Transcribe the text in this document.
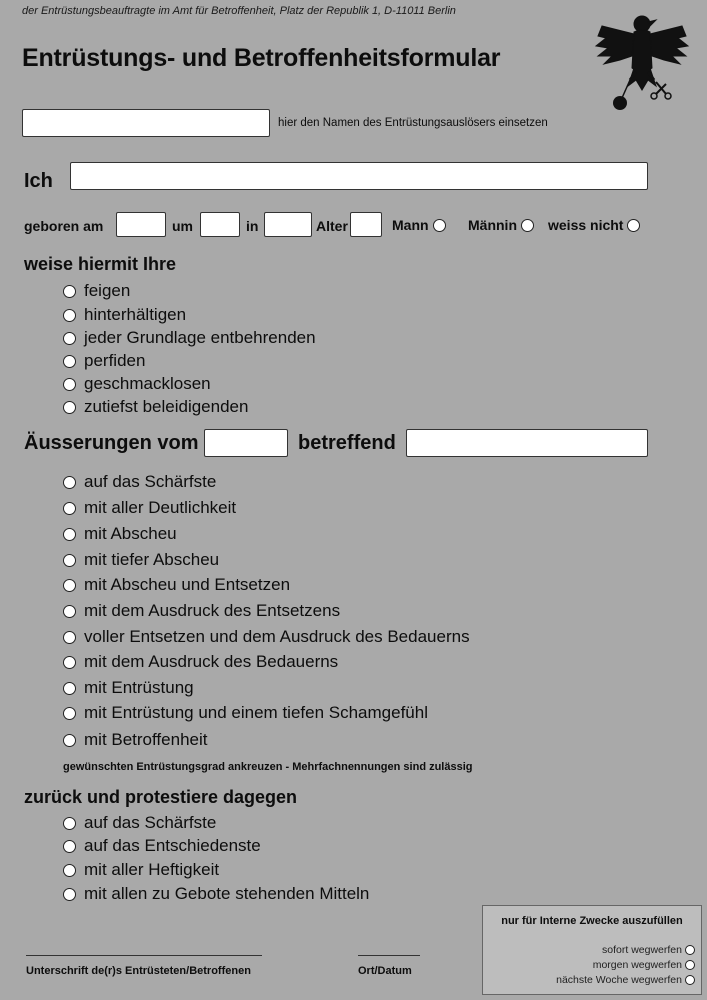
der Entrüstungsbeauftragte im Amt für Betroffenheit, Platz der Republik 1, D-11011 Berlin
Entrüstungs- und Betroffenheitsformular
hier den Namen des Entrüstungsauslösers einsetzen
Ich
geboren am	um	in	Alter	Mann	Männin weiss nicht
weise hiermit Ihre
feigen
hinterhältigen
jeder Grundlage entbehrenden
perfiden
geschmacklosen
zutiefst beleidigenden
Äusserungen vom	betreffend
auf das Schärfste
mit aller Deutlichkeit
mit Abscheu
mit tiefer Abscheu
mit Abscheu und Entsetzen
mit dem Ausdruck des Entsetzens
voller Entsetzen und dem Ausdruck des Bedauerns
mit dem Ausdruck des Bedauerns
mit Entrüstung
mit Entrüstung und einem tiefen Schamgefühl
mit Betroffenheit
gewünschten Entrüstungsgrad ankreuzen - Mehrfachnennungen sind zulässig
zurück und protestiere dagegen
auf das Schärfste
auf das Entschiedenste
mit aller Heftigkeit
mit allen zu Gebote stehenden Mitteln
Unterschrift de(r)s Entrüsteten/Betroffenen	Ort/Datum
nur für Interne Zwecke auszufüllen
sofort wegwerfen
morgen wegwerfen
nächste Woche wegwerfen
